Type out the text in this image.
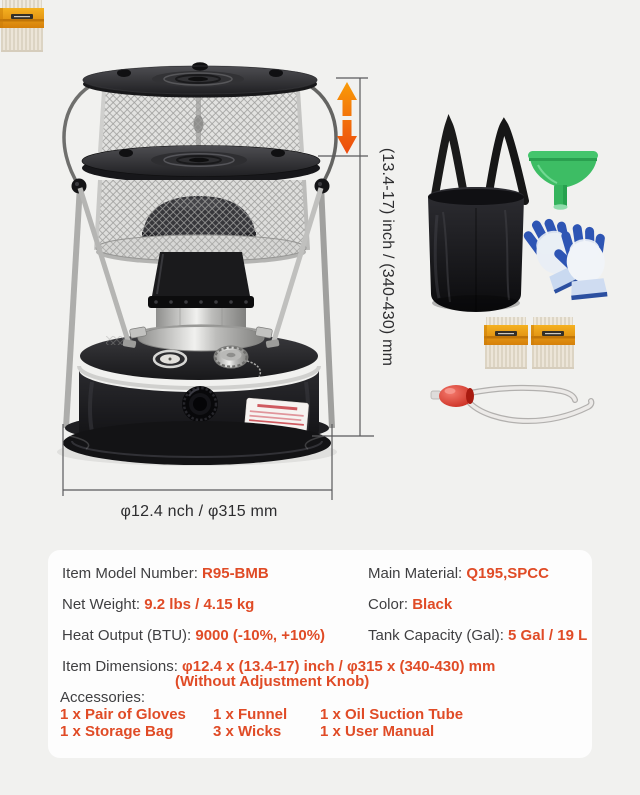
(13.4-17) inch / (340-430) mm
φ12.4 nch / φ315 mm
Item Model Number: R95-BMB
Net Weight: 9.2 lbs / 4.15 kg
Heat Output (BTU): 9000 (-10%, +10%)
Main Material: Q195,SPCC
Color: Black
Tank Capacity (Gal): 5 Gal / 19 L
Item Dimensions: φ12.4 x (13.4-17) inch / φ315 x (340-430) mm
(Without Adjustment Knob)
Accessories:
1 x Pair of Gloves 1 x Funnel 1 x Oil Suction Tube
1 x Storage Bag	3 x Wicks	1 x User Manual
